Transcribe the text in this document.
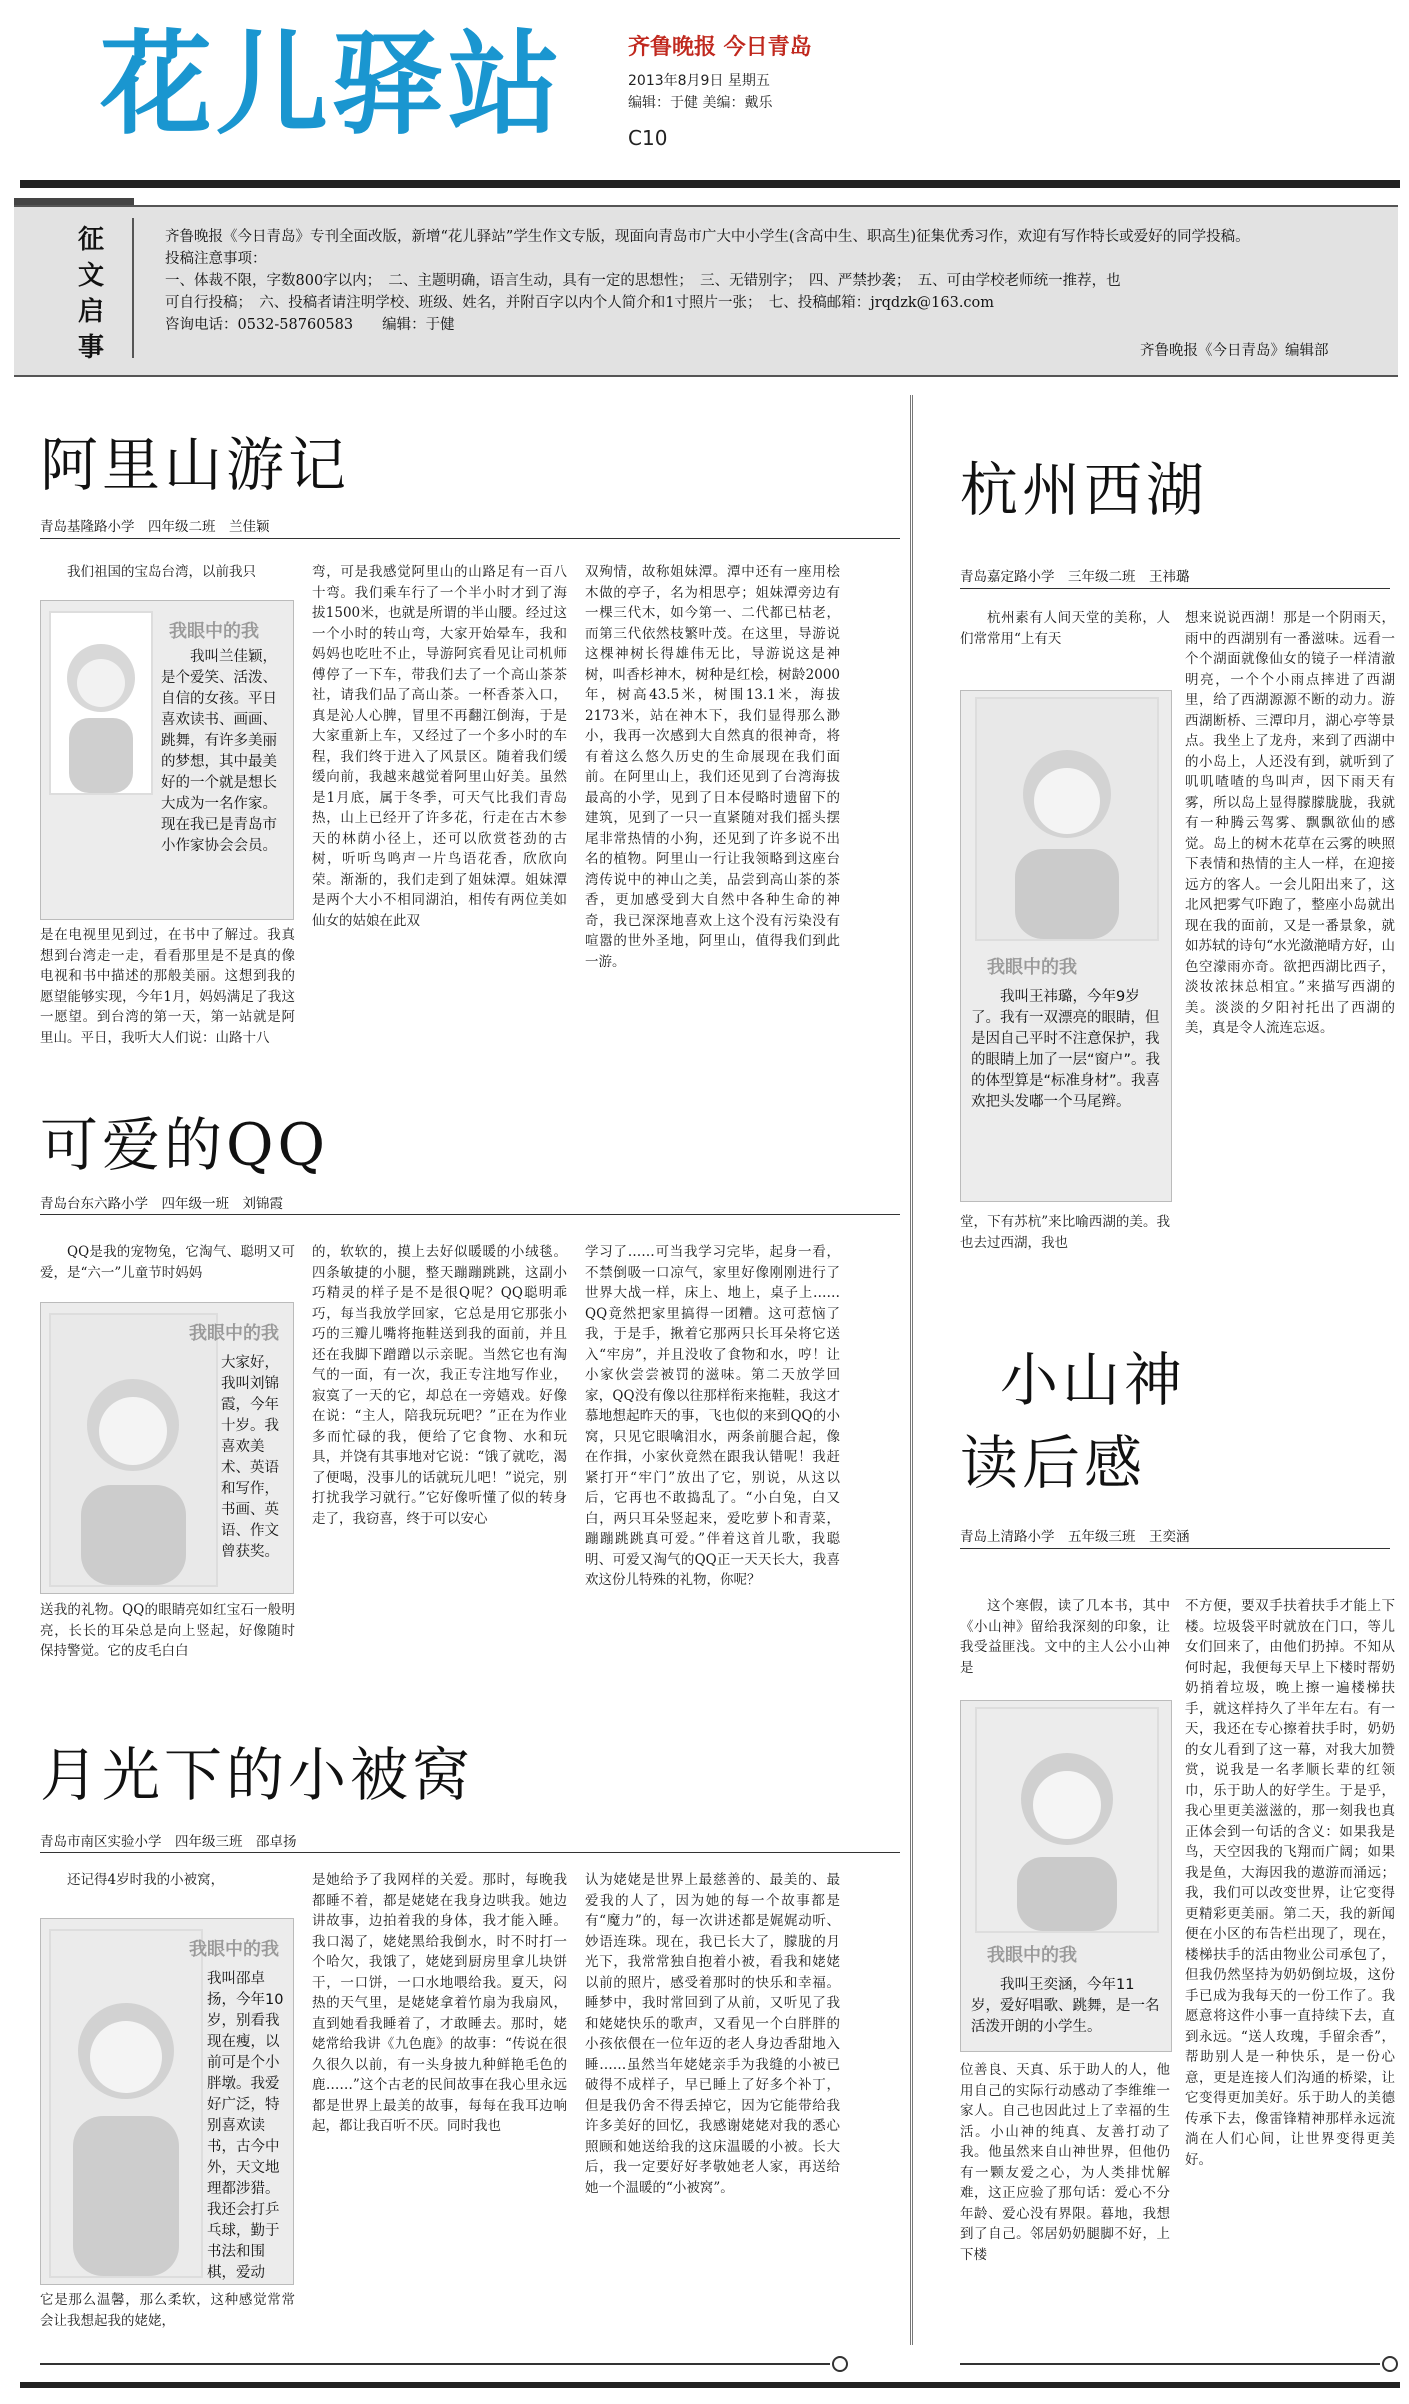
花儿驿站	齐鲁晚报 今日青岛
2013年8月9日 星期五
编辑：于健 美编：戴乐
C10
征文启事
齐鲁晚报《今日青岛》专刊全面改版，新增“花儿驿站”学生作文专版，现面向青岛市广大中小学生(含高中生、职高生)征集优秀习作，欢迎有写作特长或爱好的同学投稿。
投稿注意事项：
一、体裁不限，字数800字以内；　二、主题明确，语言生动，具有一定的思想性；　三、无错别字；　四、严禁抄袭；　五、可由学校老师统一推荐，也
可自行投稿；　六、投稿者请注明学校、班级、姓名，并附百字以内个人简介和1寸照片一张；　七、投稿邮箱：jrqdzk@163.com
咨询电话：0532-58760583　　编辑：于健
齐鲁晚报《今日青岛》编辑部
阿里山游记
青岛基隆路小学　四年级二班　兰佳颖
我们祖国的宝岛台湾，以前我只
我眼中的我
我叫兰佳颖，是个爱笑、活泼、自信的女孩。平日喜欢读书、画画、跳舞，有许多美丽的梦想，其中最美好的一个就是想长大成为一名作家。现在我已是青岛市小作家协会会员。
是在电视里见到过，在书中了解过。我真想到台湾走一走，看看那里是不是真的像电视和书中描述的那般美丽。这想到我的愿望能够实现，今年1月，妈妈满足了我这一愿望。到台湾的第一天，第一站就是阿里山。平日，我听大人们说：山路十八
弯，可是我感觉阿里山的山路足有一百八十弯。我们乘车行了一个半小时才到了海拔1500米，也就是所谓的半山腰。经过这一个小时的转山弯，大家开始晕车，我和妈妈也吃吐不止，导游阿宾看见让司机师傅停了一下车，带我们去了一个高山茶茶社，请我们品了高山茶。一杯香茶入口，真是沁人心脾，冒里不再翻江倒海，于是大家重新上车，又经过了一个多小时的车程，我们终于进入了风景区。随着我们缓缓向前，我越来越觉着阿里山好美。虽然是1月底，属于冬季，可天气比我们青岛热，山上已经开了许多花，行走在古木参天的林荫小径上，还可以欣赏苍劲的古树，听听鸟鸣声一片鸟语花香，欣欣向荣。渐渐的，我们走到了姐妹潭。姐妹潭是两个大小不相同湖泊，相传有两位美如仙女的姑娘在此双
双殉情，故称姐妹潭。潭中还有一座用桧木做的亭子，名为相思亭；姐妹潭旁边有一棵三代木，如今第一、二代都已枯老，而第三代依然枝繁叶茂。在这里，导游说这棵神树长得雄伟无比，导游说这是神树，叫香杉神木，树种是红桧，树龄2000年，树高43.5米，树围13.1米，海拔2173米，站在神木下，我们显得那么渺小，我再一次感到大自然真的很神奇，将有着这么悠久历史的生命展现在我们面前。在阿里山上，我们还见到了台湾海拔最高的小学，见到了日本侵略时遗留下的建筑，见到了一只一直紧随对我们摇头摆尾非常热情的小狗，还见到了许多说不出名的植物。阿里山一行让我领略到这座台湾传说中的神山之美，品尝到高山茶的茶香，更加感受到大自然中各种生命的神奇，我已深深地喜欢上这个没有污染没有喧嚣的世外圣地，阿里山，值得我们到此一游。
可爱的QQ
青岛台东六路小学　四年级一班　刘锦霞
QQ是我的宠物兔，它淘气、聪明又可爱，是“六一”儿童节时妈妈
我眼中的我
大家好，我叫刘锦霞，今年十岁。我喜欢美术、英语和写作，书画、英语、作文曾获奖。
送我的礼物。QQ的眼睛亮如红宝石一般明亮，长长的耳朵总是向上竖起，好像随时保持警觉。它的皮毛白白
的，软软的，摸上去好似暖暖的小绒毯。四条敏捷的小腿，整天蹦蹦跳跳，这副小巧精灵的样子是不是很Q呢？QQ聪明乖巧，每当我放学回家，它总是用它那张小巧的三瓣儿嘴将拖鞋送到我的面前，并且还在我脚下蹭蹭以示亲昵。当然它也有淘气的一面，有一次，我正专注地写作业，寂寞了一天的它，却总在一旁嬉戏。好像在说：“主人，陪我玩玩吧？”正在为作业多而忙碌的我，便给了它食物、水和玩具，并饶有其事地对它说：“饿了就吃，渴了便喝，没事儿的话就玩儿吧！”说完，别打扰我学习就行。”它好像听懂了似的转身走了，我窃喜，终于可以安心
学习了……可当我学习完毕，起身一看，不禁倒吸一口凉气，家里好像刚刚进行了世界大战一样，床上、地上，桌子上……QQ竟然把家里搞得一团糟。这可惹恼了我，于是手，揪着它那两只长耳朵将它送入“牢房”，并且没收了食物和水，哼！让小家伙尝尝被罚的滋味。第二天放学回家，QQ没有像以往那样衔来拖鞋，我这才慕地想起昨天的事，飞也似的来到QQ的小窝，只见它眼噙泪水，两条前腿合起，像在作揖，小家伙竟然在跟我认错呢！我赶紧打开“牢门”放出了它，别说，从这以后，它再也不敢捣乱了。“小白兔，白又白，两只耳朵竖起来，爱吃萝卜和青菜，蹦蹦跳跳真可爱。”伴着这首儿歌，我聪明、可爱又淘气的QQ正一天天长大，我喜欢这份儿特殊的礼物，你呢？
月光下的小被窝
青岛市南区实验小学　四年级三班　邵卓扬
还记得4岁时我的小被窝，
我眼中的我
我叫邵卓扬，今年10岁，别看我现在瘦，以前可是个小胖墩。我爱好广泛，特别喜欢读书，古今中外，天文地理都涉猎。我还会打乒乓球，勤于书法和围棋，爱动
它是那么温馨，那么柔软，这种感觉常常会让我想起我的姥姥，
是她给予了我网样的关爱。那时，每晚我都睡不着，都是姥姥在我身边哄我。她边讲故事，边拍着我的身体，我才能入睡。我口渴了，姥姥黑给我倒水，时不时打一个哈欠，我饿了，姥姥到厨房里拿儿块饼干，一口饼，一口水地喂给我。夏天，闷热的天气里，是姥姥拿着竹扇为我扇风，直到她看我睡着了，才敢睡去。那时，姥姥常给我讲《九色鹿》的故事：“传说在很久很久以前，有一头身披九种鲜艳毛色的鹿……”这个古老的民间故事在我心里永远都是世界上最美的故事，每每在我耳边响起，都让我百听不厌。同时我也
认为姥姥是世界上最慈善的、最美的、最爱我的人了，因为她的每一个故事都是有“魔力”的，每一次讲述都是娓娓动听、妙语连珠。现在，我已长大了，朦胧的月光下，我常常独自抱着小被，看我和姥姥以前的照片，感受着那时的快乐和幸福。睡梦中，我时常回到了从前，又听见了我和姥姥快乐的歌声，又看见一个白胖胖的小孩依偎在一位年迈的老人身边香甜地入睡……虽然当年姥姥亲手为我缝的小被已破得不成样子，早已睡上了好多个补丁，但是我仍舍不得丢掉它，因为它能带给我许多美好的回忆，我感谢姥姥对我的悉心照顾和她送给我的这床温暖的小被。长大后，我一定要好好孝敬她老人家，再送给她一个温暖的“小被窝”。
杭州西湖
青岛嘉定路小学　三年级二班　王祎璐
杭州素有人间天堂的美称，人们常常用“上有天
我眼中的我
我叫王祎璐，今年9岁了。我有一双漂亮的眼睛，但是因自己平时不注意保护，我的眼睛上加了一层“窗户”。我的体型算是“标准身材”。我喜欢把头发嘟一个马尾辫。
堂，下有苏杭”来比喻西湖的美。我也去过西湖，我也
想来说说西湖！那是一个阴雨天，雨中的西湖别有一番滋味。远看一个个湖面就像仙女的镜子一样清澈明亮，一个个小雨点摔进了西湖里，给了西湖源源不断的动力。游西湖断桥、三潭印月，湖心亭等景点。我坐上了龙舟，来到了西湖中的小岛上，人还没有到，就听到了叽叽喳喳的鸟叫声，因下雨天有雾，所以岛上显得朦朦胧胧，我就有一种腾云驾雾、飘飘欲仙的感觉。岛上的树木花草在云雾的映照下表情和热情的主人一样，在迎接远方的客人。一会儿阳出来了，这北风把雾气吓跑了，整座小岛就出现在我的面前，又是一番景象，就如苏轼的诗句“水光潋滟晴方好，山色空濛雨亦奇。欲把西湖比西子，淡妆浓抹总相宜。”来描写西湖的美。淡淡的夕阳衬托出了西湖的美，真是令人流连忘返。
小山神
读后感
青岛上清路小学　五年级三班　王奕涵
这个寒假，读了几本书，其中《小山神》留给我深刻的印象，让我受益匪浅。文中的主人公小山神是
我眼中的我
我叫王奕涵，今年11岁，爱好唱歌、跳舞，是一名活泼开朗的小学生。
位善良、天真、乐于助人的人，他用自己的实际行动感动了李维维一家人。自己也因此过上了幸福的生活。小山神的纯真、友善打动了我。他虽然来自山神世界，但他仍有一颗友爱之心，为人类排忧解难，这正应验了那句话：爱心不分年龄、爱心没有界限。暮地，我想到了自己。邻居奶奶腿脚不好，上下楼
不方便，要双手扶着扶手才能上下楼。垃圾袋平时就放在门口，等儿女们回来了，由他们扔掉。不知从何时起，我便每天早上下楼时帮奶奶捎着垃圾，晚上擦一遍楼梯扶手，就这样持久了半年左右。有一天，我还在专心擦着扶手时，奶奶的女儿看到了这一幕，对我大加赞赏，说我是一名孝顺长辈的红领巾，乐于助人的好学生。于是乎，我心里更美滋滋的，那一刻我也真正体会到一句话的含义：如果我是鸟，天空因我的飞翔而广阔；如果我是鱼，大海因我的遨游而涌远；我，我们可以改变世界，让它变得更精彩更美丽。第二天，我的新闻便在小区的布告栏出现了，现在，楼梯扶手的活由物业公司承包了，但我仍然坚持为奶奶倒垃圾，这份手已成为我每天的一份工作了。我愿意将这件小事一直持续下去，直到永远。“送人玫瑰，手留余香”，帮助别人是一种快乐，是一份心意，更是连接人们沟通的桥梁，让它变得更加美好。乐于助人的美德传承下去，像雷锋精神那样永远流淌在人们心间，让世界变得更美好。
